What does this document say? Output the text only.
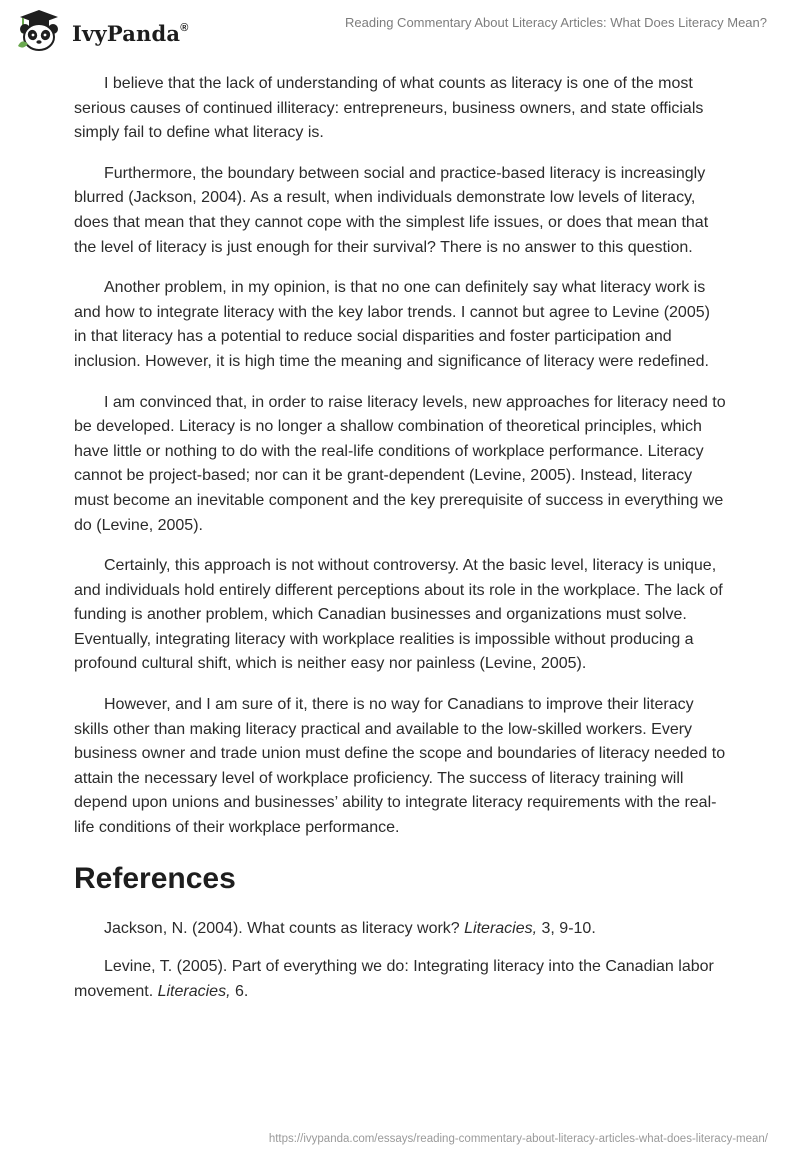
IvyPanda®	Reading Commentary About Literacy Articles: What Does Literacy Mean?

I believe that the lack of understanding of what counts as literacy is one of the most serious causes of continued illiteracy: entrepreneurs, business owners, and state officials simply fail to define what literacy is.

Furthermore, the boundary between social and practice-based literacy is increasingly blurred (Jackson, 2004). As a result, when individuals demonstrate low levels of literacy, does that mean that they cannot cope with the simplest life issues, or does that mean that the level of literacy is just enough for their survival? There is no answer to this question.

Another problem, in my opinion, is that no one can definitely say what literacy work is and how to integrate literacy with the key labor trends. I cannot but agree to Levine (2005) in that literacy has a potential to reduce social disparities and foster participation and inclusion. However, it is high time the meaning and significance of literacy were redefined.

I am convinced that, in order to raise literacy levels, new approaches for literacy need to be developed. Literacy is no longer a shallow combination of theoretical principles, which have little or nothing to do with the real-life conditions of workplace performance. Literacy cannot be project-based; nor can it be grant-dependent (Levine, 2005). Instead, literacy must become an inevitable component and the key prerequisite of success in everything we do (Levine, 2005).

Certainly, this approach is not without controversy. At the basic level, literacy is unique, and individuals hold entirely different perceptions about its role in the workplace. The lack of funding is another problem, which Canadian businesses and organizations must solve. Eventually, integrating literacy with workplace realities is impossible without producing a profound cultural shift, which is neither easy nor painless (Levine, 2005).

However, and I am sure of it, there is no way for Canadians to improve their literacy skills other than making literacy practical and available to the low-skilled workers. Every business owner and trade union must define the scope and boundaries of literacy needed to attain the necessary level of workplace proficiency. The success of literacy training will depend upon unions and businesses’ ability to integrate literacy requirements with the real-life conditions of their workplace performance.

References

Jackson, N. (2004). What counts as literacy work? Literacies, 3, 9-10.

Levine, T. (2005). Part of everything we do: Integrating literacy into the Canadian labor movement. Literacies, 6.

https://ivypanda.com/essays/reading-commentary-about-literacy-articles-what-does-literacy-mean/
